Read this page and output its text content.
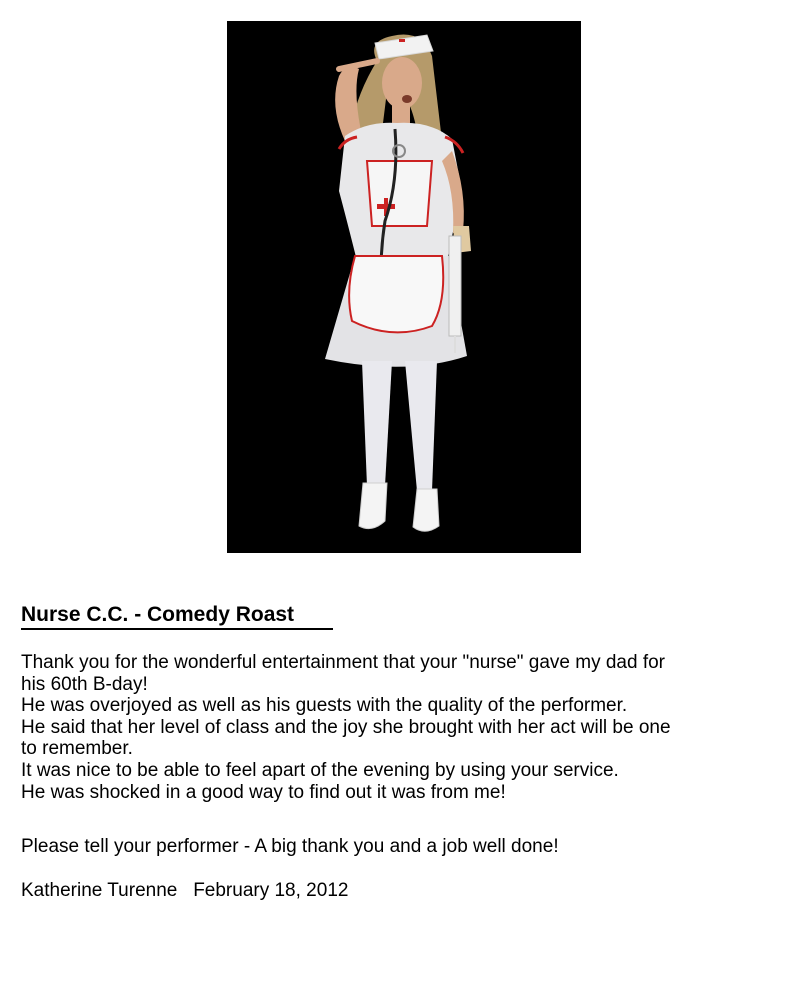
Nurse C.C. - Comedy Roast

Thank you for the wonderful entertainment that your "nurse" gave my dad for
his 60th B-day!
He was overjoyed as well as his guests with the quality of the performer.
He said that her level of class and the joy she brought with her act will be one
to remember.
It was nice to be able to feel apart of the evening by using your service.
He was shocked in a good way to find out it was from me!

Please tell your performer - A big thank you and a job well done!

Katherine Turenne February 18, 2012
